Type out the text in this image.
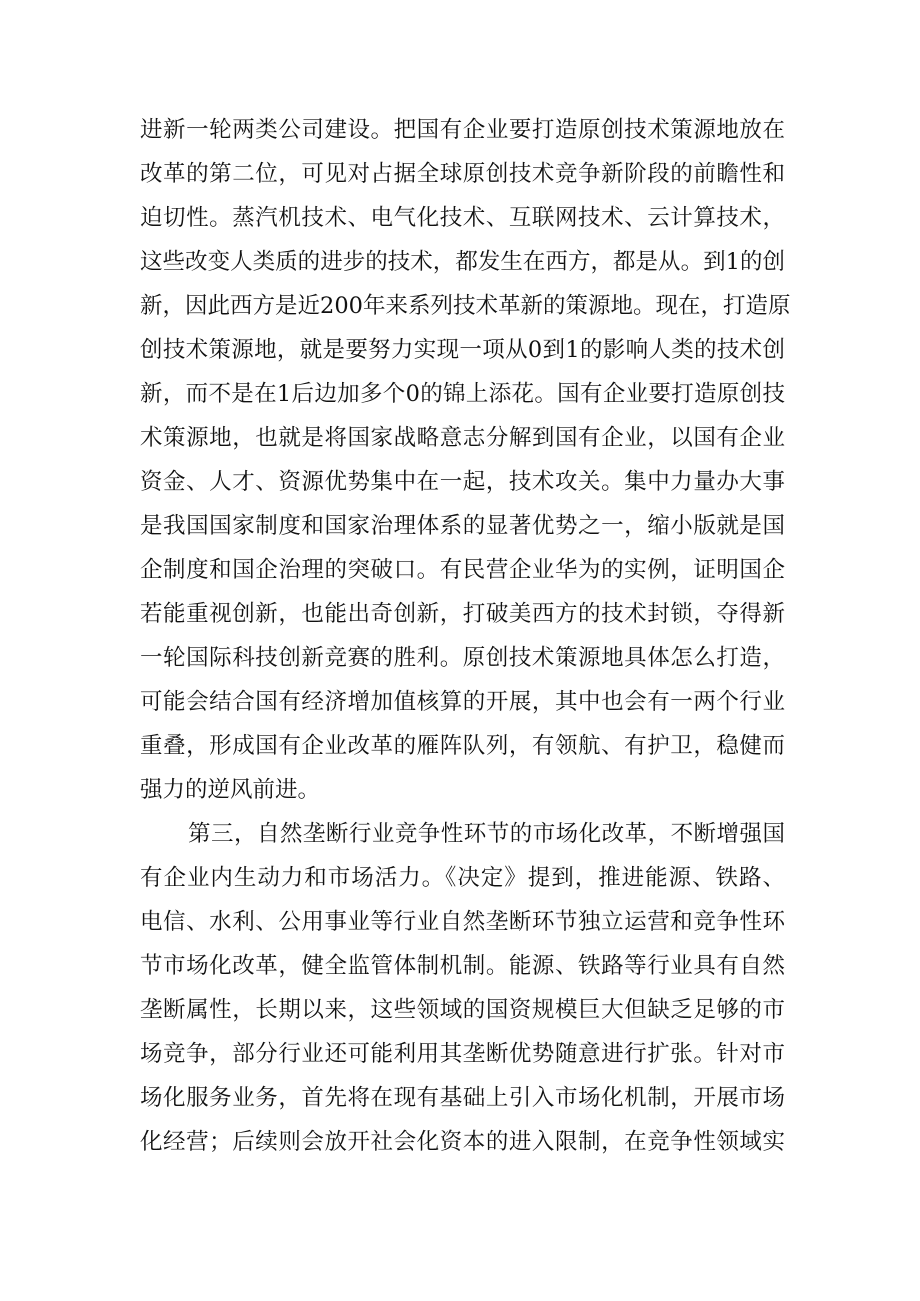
进新一轮两类公司建设。把国有企业要打造原创技术策源地放在
改革的第二位，可见对占据全球原创技术竞争新阶段的前瞻性和
迫切性。蒸汽机技术、电气化技术、互联网技术、云计算技术，
这些改变人类质的进步的技术，都发生在西方，都是从。到1的创
新，因此西方是近200年来系列技术革新的策源地。现在，打造原
创技术策源地，就是要努力实现一项从0到1的影响人类的技术创
新，而不是在1后边加多个0的锦上添花。国有企业要打造原创技
术策源地，也就是将国家战略意志分解到国有企业，以国有企业
资金、人才、资源优势集中在一起，技术攻关。集中力量办大事
是我国国家制度和国家治理体系的显著优势之一，缩小版就是国
企制度和国企治理的突破口。有民营企业华为的实例，证明国企
若能重视创新，也能出奇创新，打破美西方的技术封锁，夺得新
一轮国际科技创新竞赛的胜利。原创技术策源地具体怎么打造，
可能会结合国有经济增加值核算的开展，其中也会有一两个行业
重叠，形成国有企业改革的雁阵队列，有领航、有护卫，稳健而
强力的逆风前进。
第三，自然垄断行业竞争性环节的市场化改革，不断增强国
有企业内生动力和市场活力。《决定》提到，推进能源、铁路、
电信、水利、公用事业等行业自然垄断环节独立运营和竞争性环
节市场化改革，健全监管体制机制。能源、铁路等行业具有自然
垄断属性，长期以来，这些领域的国资规模巨大但缺乏足够的市
场竞争，部分行业还可能利用其垄断优势随意进行扩张。针对市
场化服务业务，首先将在现有基础上引入市场化机制，开展市场
化经营；后续则会放开社会化资本的进入限制，在竞争性领域实
